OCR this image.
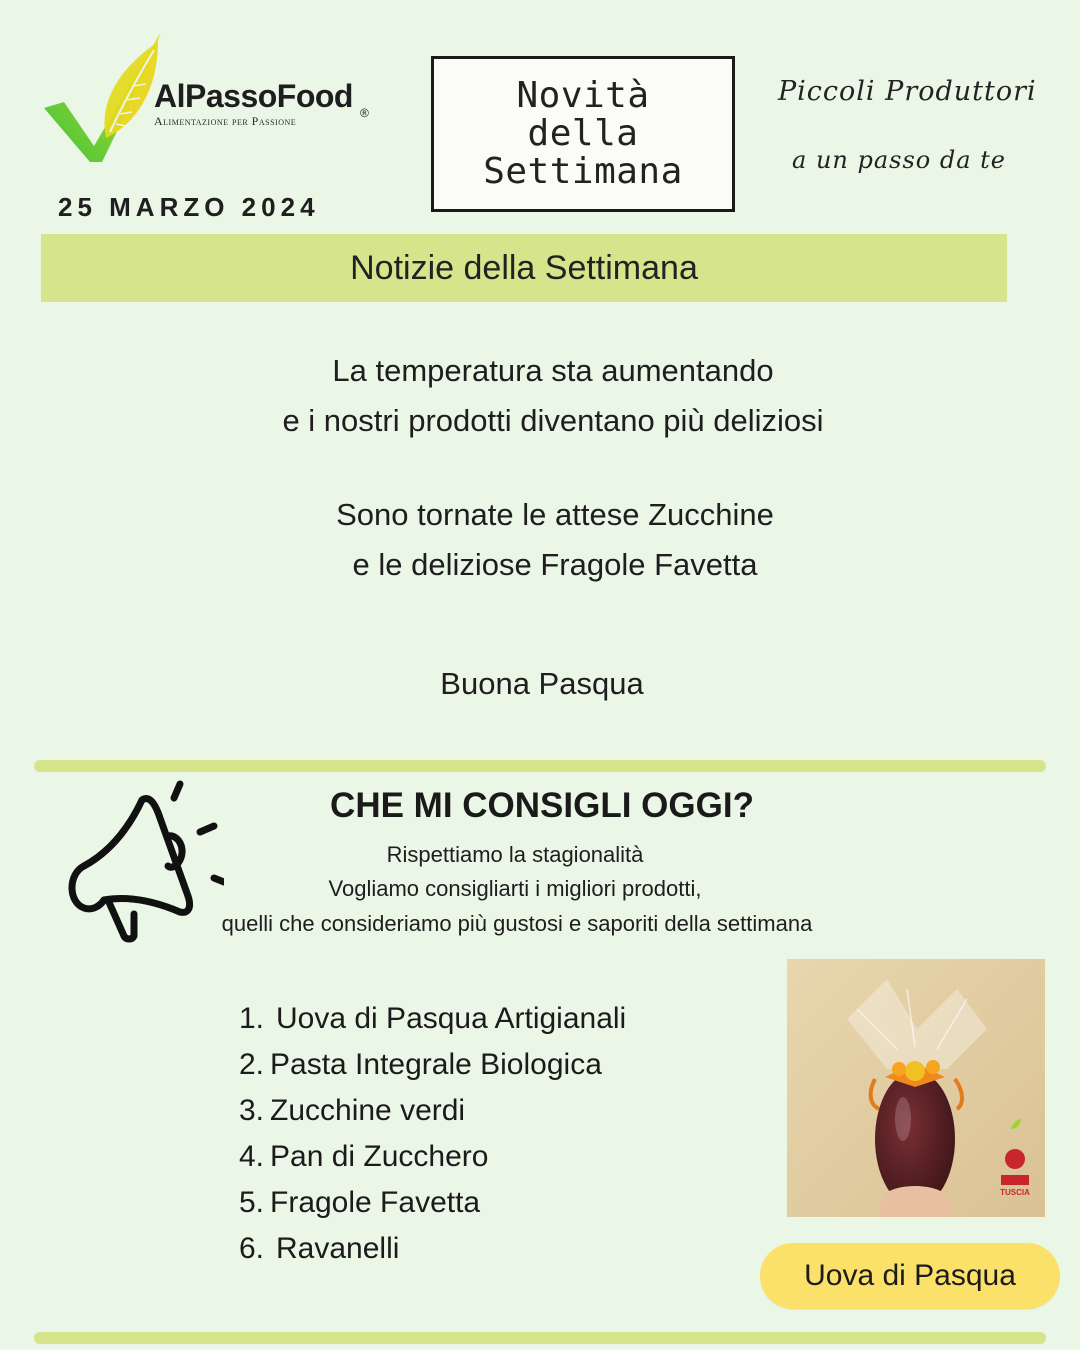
AlPassoFood ®
Alimentazione per Passione
25 MARZO 2024
Novità
della
Settimana
Piccoli Produttori
a un passo da te
Notizie della Settimana
La temperatura sta aumentando
e i nostri prodotti diventano più deliziosi
Sono tornate le attese Zucchine
e le deliziose Fragole Favetta
Buona Pasqua
CHE MI CONSIGLI OGGI?
Rispettiamo la stagionalità
Vogliamo consigliarti i migliori prodotti,
quelli che consideriamo più gustosi e saporiti della settimana
1. Uova di Pasqua Artigianali
2. Pasta Integrale Biologica
3. Zucchine verdi
4. Pan di Zucchero
5. Fragole Favetta
6. Ravanelli
TUSCIA
Uova di Pasqua
